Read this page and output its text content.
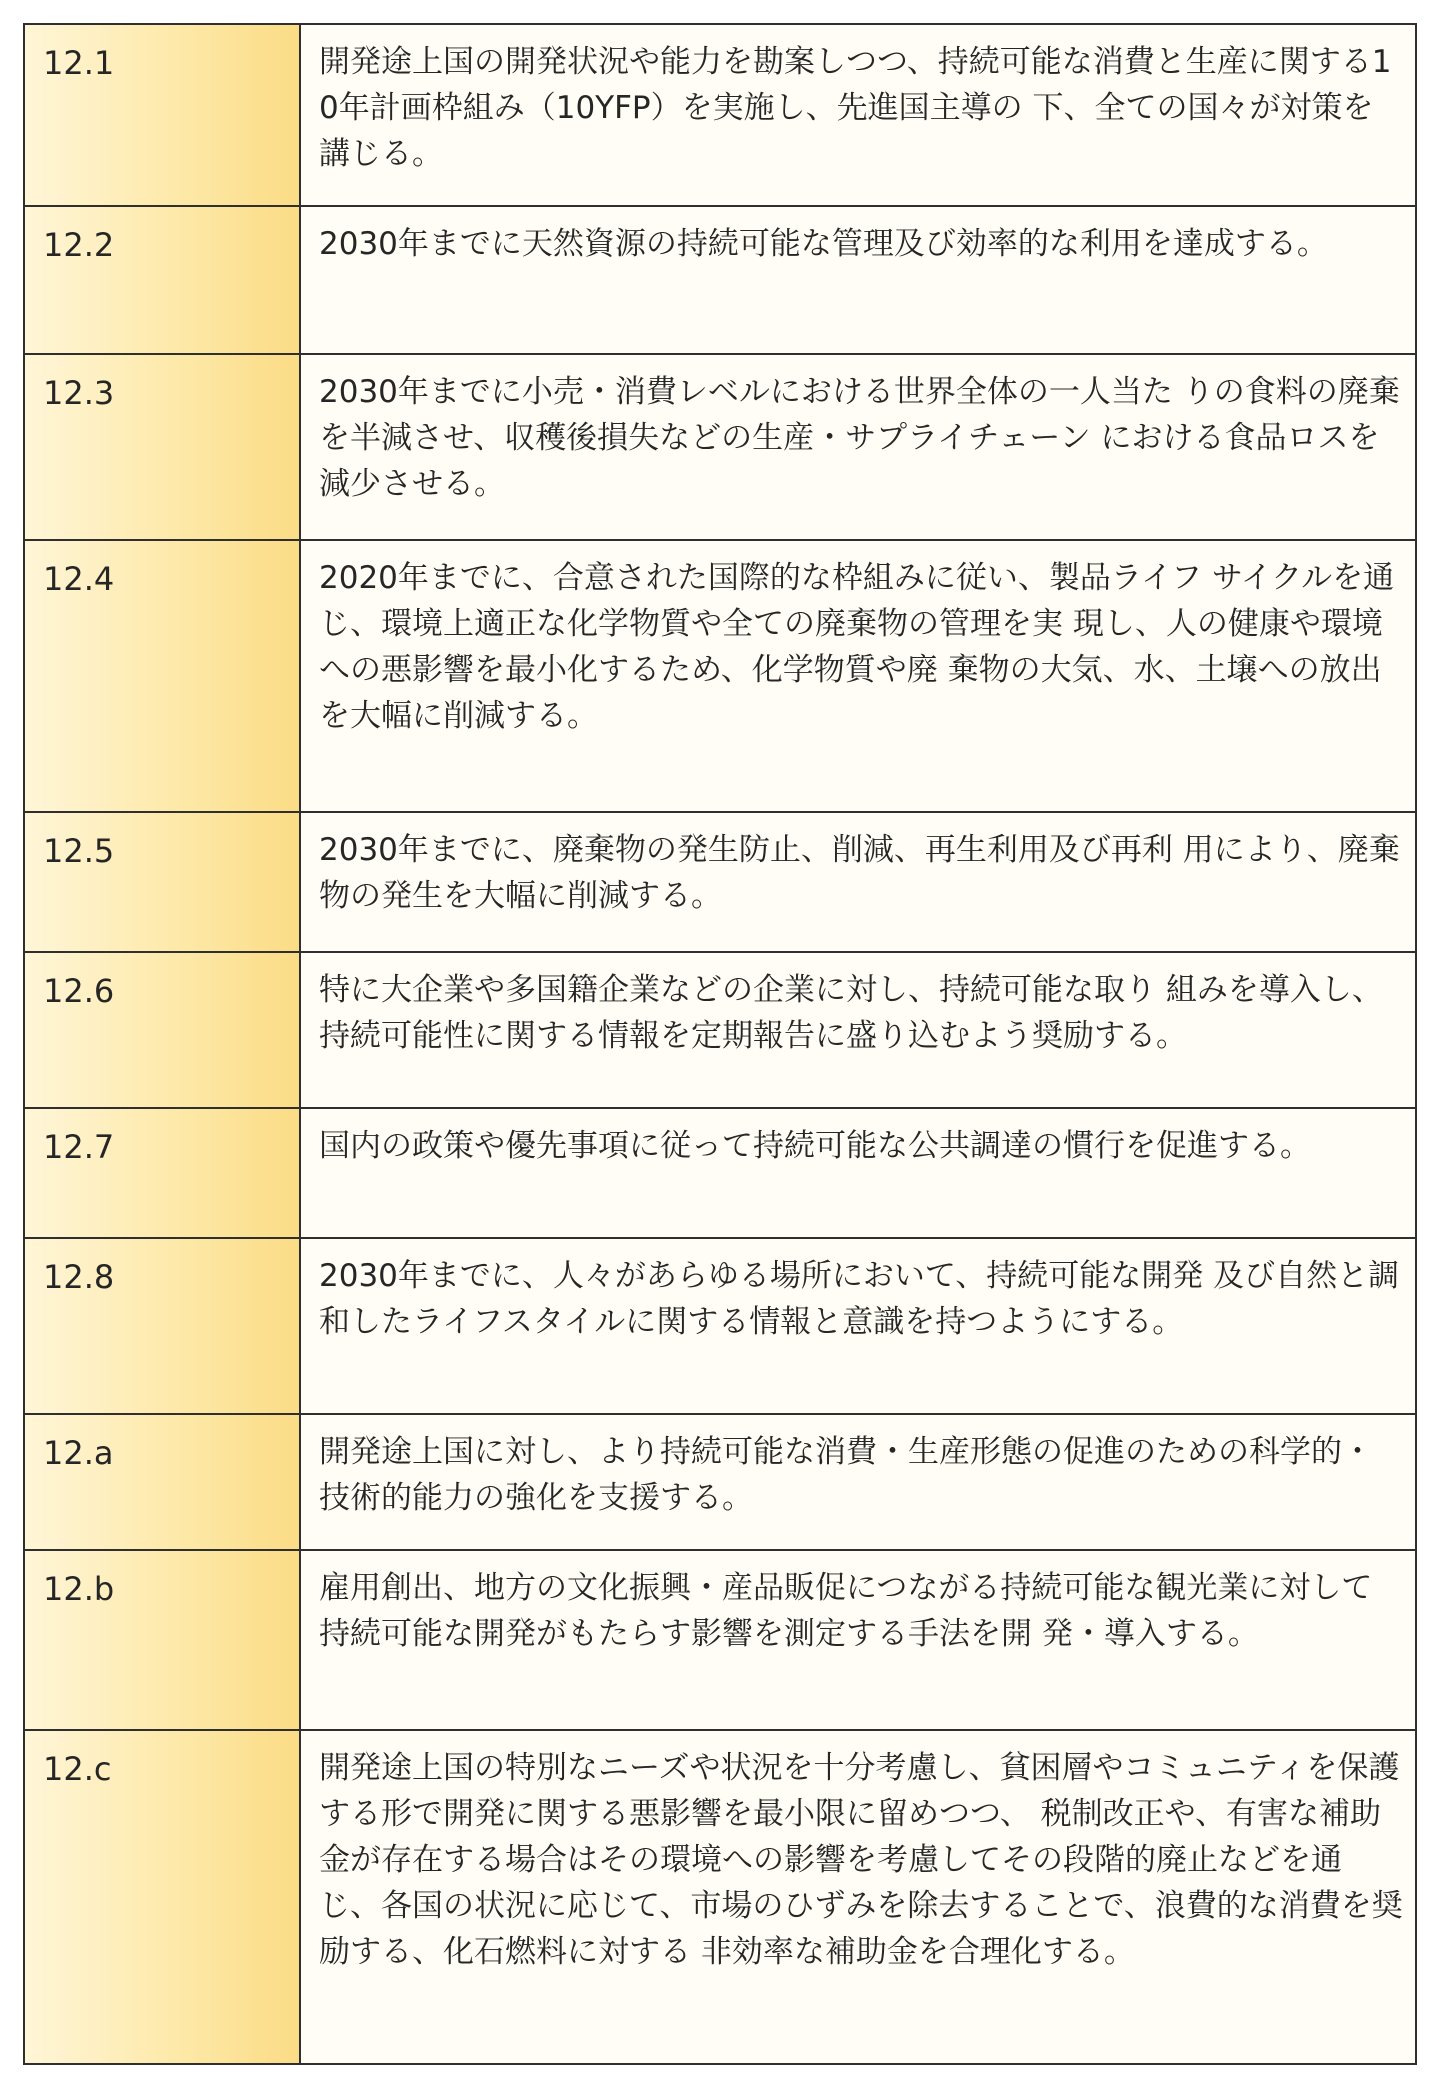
12.1	開発途上国の開発状況や能力を勘案しつつ、持続可能な消費と生産に関する10年計画枠組み（10YFP）を実施し、先進国主導の 下、全ての国々が対策を講じる。
12.2	2030年までに天然資源の持続可能な管理及び効率的な利用を達成する。
12.3	2030年までに小売・消費レベルにおける世界全体の一人当た りの食料の廃棄を半減させ、収穫後損失などの生産・サプライチェーン における食品ロスを減少させる。
12.4	2020年までに、合意された国際的な枠組みに従い、製品ライフ サイクルを通じ、環境上適正な化学物質や全ての廃棄物の管理を実 現し、人の健康や環境への悪影響を最小化するため、化学物質や廃 棄物の大気、水、土壌への放出を大幅に削減する。
12.5	2030年までに、廃棄物の発生防止、削減、再生利用及び再利 用により、廃棄物の発生を大幅に削減する。
12.6	特に大企業や多国籍企業などの企業に対し、持続可能な取り 組みを導入し、持続可能性に関する情報を定期報告に盛り込むよう奨励する。
12.7	国内の政策や優先事項に従って持続可能な公共調達の慣行を促進する。
12.8	2030年までに、人々があらゆる場所において、持続可能な開発 及び自然と調和したライフスタイルに関する情報と意識を持つようにする。
12.a	開発途上国に対し、より持続可能な消費・生産形態の促進のための科学的・技術的能力の強化を支援する。
12.b	雇用創出、地方の文化振興・産品販促につながる持続可能な観光業に対して持続可能な開発がもたらす影響を測定する手法を開 発・導入する。
12.c	開発途上国の特別なニーズや状況を十分考慮し、貧困層やコミュニティを保護する形で開発に関する悪影響を最小限に留めつつ、 税制改正や、有害な補助金が存在する場合はその環境への影響を考慮してその段階的廃止などを通じ、各国の状況に応じて、市場のひずみを除去することで、浪費的な消費を奨励する、化石燃料に対する 非効率な補助金を合理化する。
